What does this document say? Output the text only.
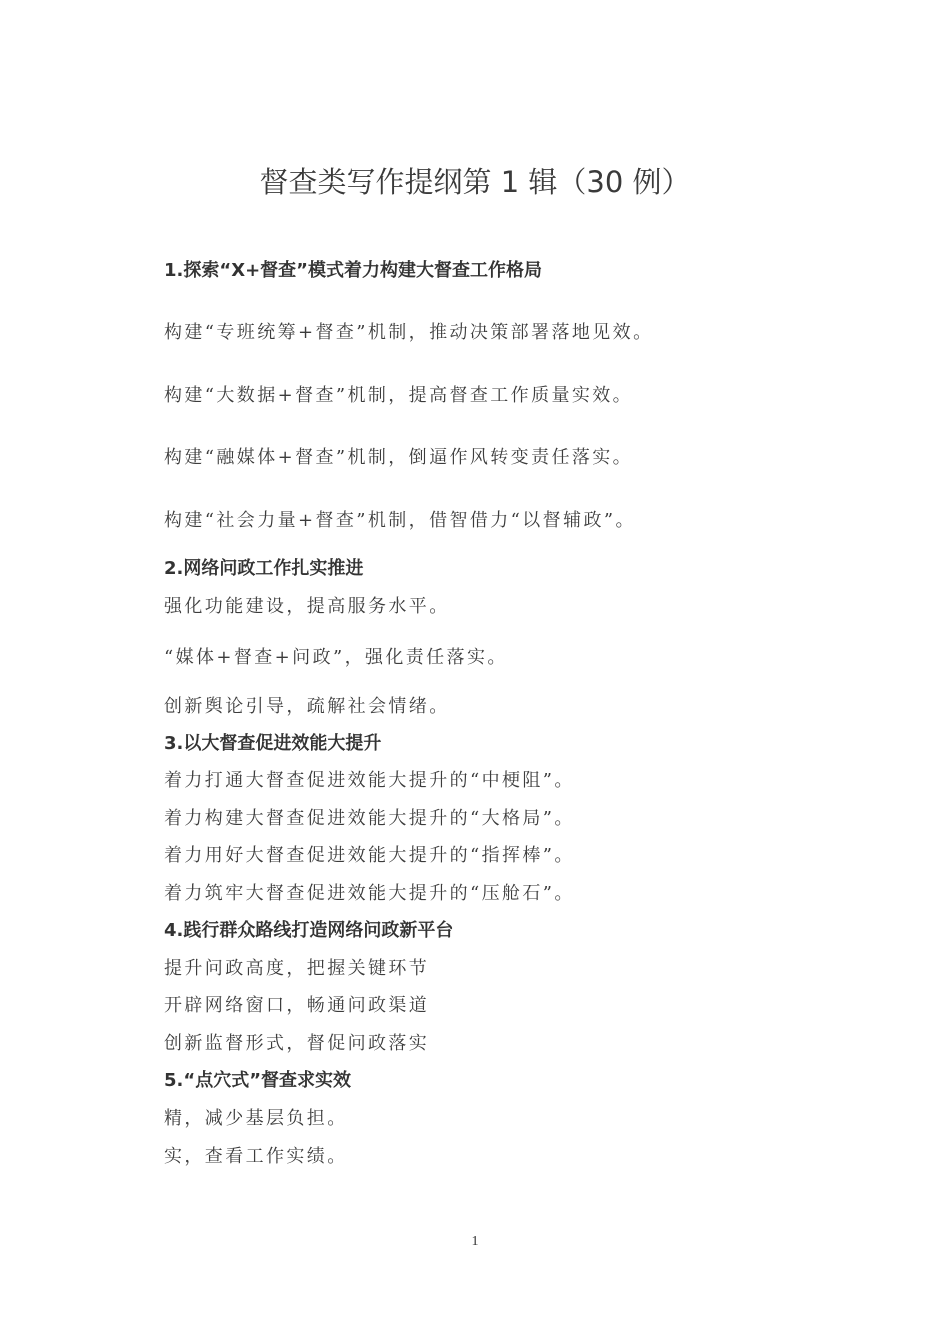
督查类写作提纲第 1 辑（30 例）
1.探索“X+督查”模式着力构建大督查工作格局
构建“专班统筹+督查”机制，推动决策部署落地见效。
构建“大数据+督查”机制，提高督查工作质量实效。
构建“融媒体+督查”机制，倒逼作风转变责任落实。
构建“社会力量+督查”机制，借智借力“以督辅政”。
2.网络问政工作扎实推进
强化功能建设，提高服务水平。
“媒体+督查+问政”，强化责任落实。
创新舆论引导，疏解社会情绪。
3.以大督查促进效能大提升
着力打通大督查促进效能大提升的“中梗阻”。
着力构建大督查促进效能大提升的“大格局”。
着力用好大督查促进效能大提升的“指挥棒”。
着力筑牢大督查促进效能大提升的“压舱石”。
4.践行群众路线打造网络问政新平台
提升问政高度，把握关键环节
开辟网络窗口，畅通问政渠道
创新监督形式，督促问政落实
5.“点穴式”督查求实效
精，减少基层负担。
实，查看工作实绩。
1
